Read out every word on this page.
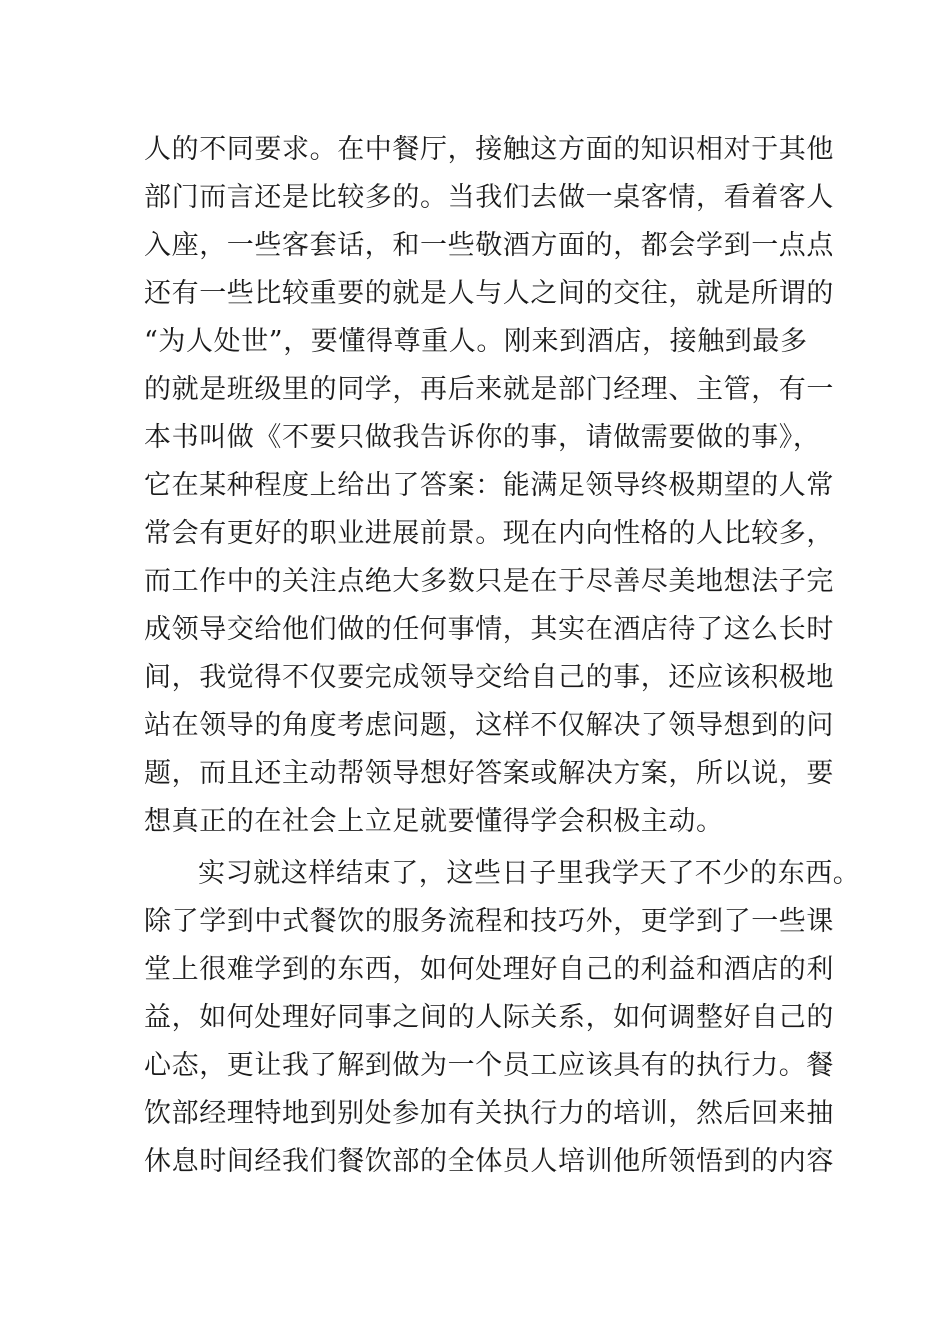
人的不同要求。在中餐厅，接触这方面的知识相对于其他

部门而言还是比较多的。当我们去做一桌客情，看着客人

入座，一些客套话，和一些敬酒方面的，都会学到一点点

还有一些比较重要的就是人与人之间的交往，就是所谓的

“为人处世”，要懂得尊重人。刚来到酒店，接触到最多

的就是班级里的同学，再后来就是部门经理、主管，有一

本书叫做《不要只做我告诉你的事，请做需要做的事》，

它在某种程度上给出了答案：能满足领导终极期望的人常

常会有更好的职业进展前景。现在内向性格的人比较多，

而工作中的关注点绝大多数只是在于尽善尽美地想法子完

成领导交给他们做的任何事情，其实在酒店待了这么长时

间，我觉得不仅要完成领导交给自己的事，还应该积极地

站在领导的角度考虑问题，这样不仅解决了领导想到的问

题，而且还主动帮领导想好答案或解决方案，所以说，要

想真正的在社会上立足就要懂得学会积极主动。

实习就这样结束了，这些日子里我学天了不少的东西。

除了学到中式餐饮的服务流程和技巧外，更学到了一些课

堂上很难学到的东西，如何处理好自己的利益和酒店的利

益，如何处理好同事之间的人际关系，如何调整好自己的

心态，更让我了解到做为一个员工应该具有的执行力。餐

饮部经理特地到别处参加有关执行力的培训，然后回来抽

休息时间经我们餐饮部的全体员人培训他所领悟到的内容
